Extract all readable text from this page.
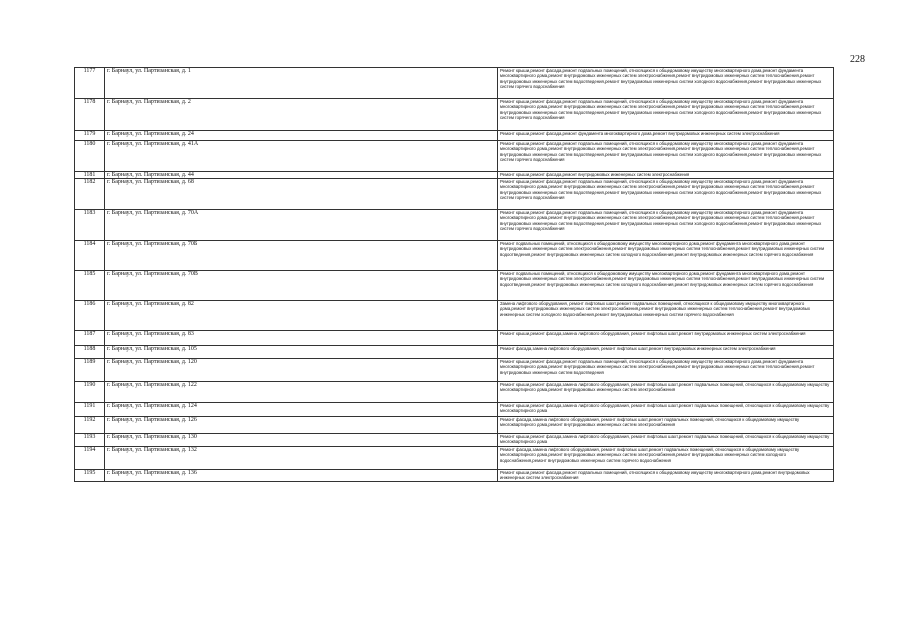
228
1177	г. Барнаул, ул. Партизанская, д. 1	Ремонт крыши,ремонт фасада,ремонт подвальных помещений, относящихся к общедомовому имуществу многоквартирного дома,ремонт фундамента многоквартирного дома,ремонт внутридомовых инженерных систем электроснабжения,ремонт внутридомовых инженерных систем теплоснабжения,ремонт внутридомовых инженерных систем водоотведения,ремонт внутридомовых инженерных систем холодного водоснабжения,ремонт внутридомовых инженерных систем горячего водоснабжения
1178	г. Барнаул, ул. Партизанская, д. 2	Ремонт крыши,ремонт фасада,ремонт подвальных помещений, относящихся к общедомовому имуществу многоквартирного дома,ремонт фундамента многоквартирного дома,ремонт внутридомовых инженерных систем электроснабжения,ремонт внутридомовых инженерных систем теплоснабжения,ремонт внутридомовых инженерных систем водоотведения,ремонт внутридомовых инженерных систем холодного водоснабжения,ремонт внутридомовых инженерных систем горячего водоснабжения
1179	г. Барнаул, ул. Партизанская, д. 24	Ремонт крыши,ремонт фасада,ремонт фундамента многоквартирного дома,ремонт внутридомовых инженерных систем электроснабжения
1180	г. Барнаул, ул. Партизанская, д. 41А	Ремонт крыши,ремонт фасада,ремонт подвальных помещений, относящихся к общедомовому имуществу многоквартирного дома,ремонт фундамента многоквартирного дома,ремонт внутридомовых инженерных систем электроснабжения,ремонт внутридомовых инженерных систем теплоснабжения,ремонт внутридомовых инженерных систем водоотведения,ремонт внутридомовых инженерных систем холодного водоснабжения,ремонт внутридомовых инженерных систем горячего водоснабжения
1181	г. Барнаул, ул. Партизанская, д. 44	Ремонт крыши,ремонт фасада,ремонт внутридомовых инженерных систем электроснабжения
1182	г. Барнаул, ул. Партизанская, д. 68	Ремонт крыши,ремонт фасада,ремонт подвальных помещений, относящихся к общедомовому имуществу многоквартирного дома,ремонт фундамента многоквартирного дома,ремонт внутридомовых инженерных систем электроснабжения,ремонт внутридомовых инженерных систем теплоснабжения,ремонт внутридомовых инженерных систем водоотведения,ремонт внутридомовых инженерных систем холодного водоснабжения,ремонт внутридомовых инженерных систем горячего водоснабжения
1183	г. Барнаул, ул. Партизанская, д. 70А	Ремонт крыши,ремонт фасада,ремонт подвальных помещений, относящихся к общедомовому имуществу многоквартирного дома,ремонт фундамента многоквартирного дома,ремонт внутридомовых инженерных систем электроснабжения,ремонт внутридомовых инженерных систем теплоснабжения,ремонт внутридомовых инженерных систем водоотведения,ремонт внутридомовых инженерных систем холодного водоснабжения,ремонт внутридомовых инженерных систем горячего водоснабжения
1184	г. Барнаул, ул. Партизанская, д. 70Б	Ремонт подвальных помещений, относящихся к общедомовому имуществу многоквартирного дома,ремонт фундамента многоквартирного дома,ремонт внутридомовых инженерных систем электроснабжения,ремонт внутридомовых инженерных систем теплоснабжения,ремонт внутридомовых инженерных систем водоотведения,ремонт внутридомовых инженерных систем холодного водоснабжения,ремонт внутридомовых инженерных систем горячего водоснабжения
1185	г. Барнаул, ул. Партизанская, д. 70В	Ремонт подвальных помещений, относящихся к общедомовому имуществу многоквартирного дома,ремонт фундамента многоквартирного дома,ремонт внутридомовых инженерных систем электроснабжения,ремонт внутридомовых инженерных систем теплоснабжения,ремонт внутридомовых инженерных систем водоотведения,ремонт внутридомовых инженерных систем холодного водоснабжения,ремонт внутридомовых инженерных систем горячего водоснабжения
1186	г. Барнаул, ул. Партизанская, д. 82	Замена лифтового оборудования, ремонт лифтовых шахт,ремонт подвальных помещений, относящихся к общедомовому имуществу многоквартирного дома,ремонт внутридомовых инженерных систем электроснабжения,ремонт внутридомовых инженерных систем теплоснабжения,ремонт внутридомовых инженерных систем холодного водоснабжения,ремонт внутридомовых инженерных систем горячего водоснабжения
1187	г. Барнаул, ул. Партизанская, д. 83	Ремонт крыши,ремонт фасада,замена лифтового оборудования, ремонт лифтовых шахт,ремонт внутридомовых инженерных систем электроснабжения
1188	г. Барнаул, ул. Партизанская, д. 105	Ремонт фасада,замена лифтового оборудования, ремонт лифтовых шахт,ремонт внутридомовых инженерных систем электроснабжения
1189	г. Барнаул, ул. Партизанская, д. 120	Ремонт крыши,ремонт фасада,ремонт подвальных помещений, относящихся к общедомовому имуществу многоквартирного дома,ремонт фундамента многоквартирного дома,ремонт внутридомовых инженерных систем электроснабжения,ремонт внутридомовых инженерных систем теплоснабжения,ремонт внутридомовых инженерных систем водоотведения
1190	г. Барнаул, ул. Партизанская, д. 122	Ремонт крыши,ремонт фасада,замена лифтового оборудования, ремонт лифтовых шахт,ремонт подвальных помещений, относящихся к общедомовому имуществу многоквартирного дома,ремонт внутридомовых инженерных систем электроснабжения
1191	г. Барнаул, ул. Партизанская, д. 124	Ремонт крыши,ремонт фасада,замена лифтового оборудования, ремонт лифтовых шахт,ремонт подвальных помещений, относящихся к общедомовому имуществу многоквартирного дома
1192	г. Барнаул, ул. Партизанская, д. 126	Ремонт фасада,замена лифтового оборудования, ремонт лифтовых шахт,ремонт подвальных помещений, относящихся к общедомовому имуществу многоквартирного дома,ремонт внутридомовых инженерных систем электроснабжения
1193	г. Барнаул, ул. Партизанская, д. 130	Ремонт крыши,ремонт фасада,замена лифтового оборудования, ремонт лифтовых шахт,ремонт подвальных помещений, относящихся к общедомовому имуществу многоквартирного дома
1194	г. Барнаул, ул. Партизанская, д. 132	Ремонт фасада,замена лифтового оборудования, ремонт лифтовых шахт,ремонт подвальных помещений, относящихся к общедомовому имуществу многоквартирного дома,ремонт внутридомовых инженерных систем электроснабжения,ремонт внутридомовых инженерных систем холодного водоснабжения,ремонт внутридомовых инженерных систем горячего водоснабжения
1195	г. Барнаул, ул. Партизанская, д. 136	Ремонт крыши,ремонт фасада,ремонт подвальных помещений, относящихся к общедомовому имуществу многоквартирного дома,ремонт внутридомовых инженерных систем электроснабжения
